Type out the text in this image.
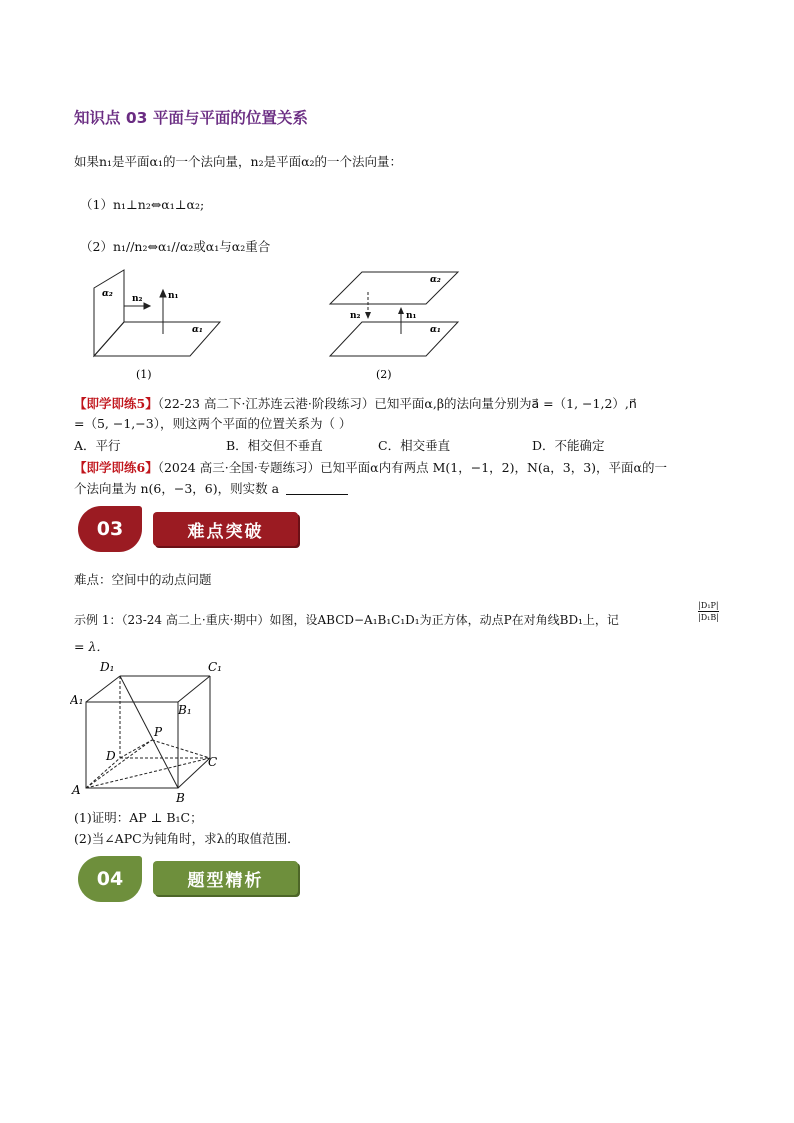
知识点 03 平面与平面的位置关系
如果n₁是平面α₁的一个法向量，n₂是平面α₂的一个法向量：
（1）n₁⊥n₂⇔α₁⊥α₂;
（2）n₁//n₂⇔α₁//α₂或α₁与α₂重合
α₂ n₂	n₁
α₁
(1)
α₂
n₂	n₁
α₁
(2)
【即学即练5】（22-23 高二下·江苏连云港·阶段练习）已知平面α,β的法向量分别为a⃗ =（1, −1,2）,n⃗
=（5, −1,−3），则这两个平面的位置关系为（ ）
A．平行	B．相交但不垂直	C．相交垂直	D．不能确定
【即学即练6】（2024 高三·全国·专题练习）已知平面α内有两点 M(1，−1，2)，N(a，3，3)，平面α的一
个法向量为 n(6，−3，6)，则实数 a
03	难点突破
难点：空间中的动点问题
示例 1：（23-24 高二上·重庆·期中）如图，设ABCD−A₁B₁C₁D₁为正方体，动点P在对角线BD₁上，记	$\frac{\text{|D₁P|}}{\text{|D₁B|}}$
= λ．
D₁	C₁
A₁
B₁
D	C
A
B
P
(1)证明：AP ⊥ B₁C；
(2)当∠APC为钝角时，求λ的取值范围．
04	题型精析
